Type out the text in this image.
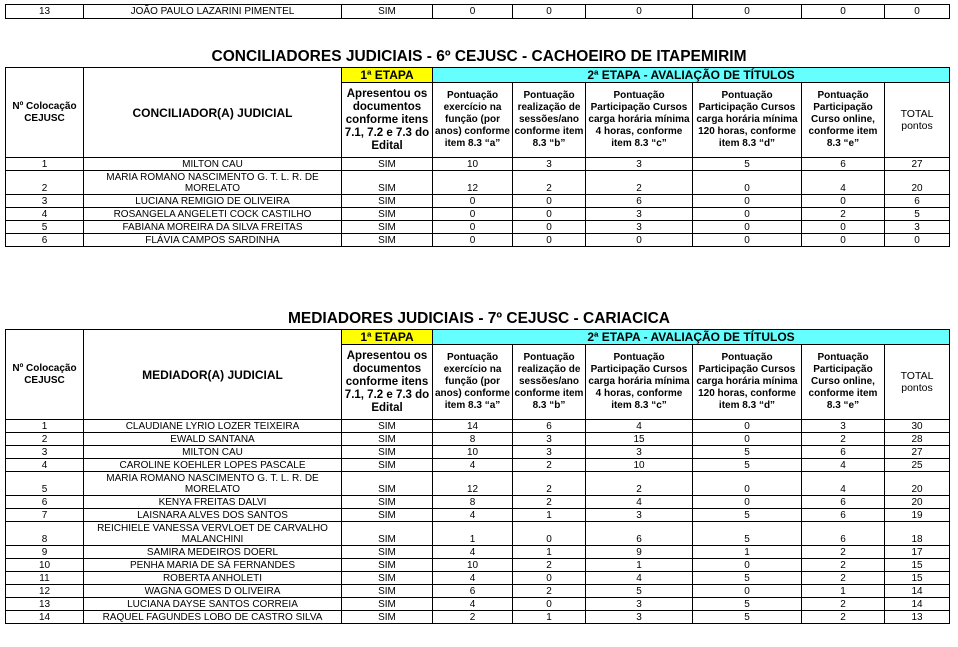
13	JOÃO PAULO LAZARINI PIMENTEL	SIM	0	0	0	0	0	0
CONCILIADORES JUDICIAIS - 6º CEJUSC - CACHOEIRO DE ITAPEMIRIM
Nº Colocação CEJUSC	CONCILIADOR(A) JUDICIAL	1ª ETAPA	2ª ETAPA - AVALIAÇÃO DE TÍTULOS					
		Apresentou os documentos conforme itens 7.1, 7.2 e 7.3 do Edital	Pontuação exercício na função (por anos) conforme item 8.3 “a”	Pontuação realização de sessões/ano conforme item 8.3 “b”	Pontuação Participação Cursos carga horária mínima 4 horas, conforme item 8.3 “c”	Pontuação Participação Cursos carga horária mínima 120 horas, conforme item 8.3 “d”	Pontuação Participação Curso online, conforme item 8.3 “e”	TOTAL pontos
1	MILTON CAU	SIM	10	3	3	5	6	27
2	MARIA ROMANO NASCIMENTO G. T. L. R. DE MORELATO	SIM	12	2	2	0	4	20
3	LUCIANA REMIGIO DE OLIVEIRA	SIM	0	0	6	0	0	6
4	ROSANGELA ANGELETI COCK CASTILHO	SIM	0	0	3	0	2	5
5	FABIANA MOREIRA DA SILVA FREITAS	SIM	0	0	3	0	0	3
6	FLÁVIA CAMPOS SARDINHA	SIM	0	0	0	0	0	0
MEDIADORES JUDICIAIS - 7º CEJUSC - CARIACICA
Nº Colocação CEJUSC	MEDIADOR(A) JUDICIAL	1ª ETAPA	2ª ETAPA - AVALIAÇÃO DE TÍTULOS					
		Apresentou os documentos conforme itens 7.1, 7.2 e 7.3 do Edital	Pontuação exercício na função (por anos) conforme item 8.3 “a”	Pontuação realização de sessões/ano conforme item 8.3 “b”	Pontuação Participação Cursos carga horária mínima 4 horas, conforme item 8.3 “c”	Pontuação Participação Cursos carga horária mínima 120 horas, conforme item 8.3 “d”	Pontuação Participação Curso online, conforme item 8.3 “e”	TOTAL pontos
1	CLAUDIANE LYRIO LOZER TEIXEIRA	SIM	14	6	4	0	3	30
2	EWALD SANTANA	SIM	8	3	15	0	2	28
3	MILTON CAU	SIM	10	3	3	5	6	27
4	CAROLINE KOEHLER LOPES PASCALE	SIM	4	2	10	5	4	25
5	MARIA ROMANO NASCIMENTO G. T. L. R. DE MORELATO	SIM	12	2	2	0	4	20
6	KENYA FREITAS DALVI	SIM	8	2	4	0	6	20
7	LAISNARA ALVES DOS SANTOS	SIM	4	1	3	5	6	19
8	REICHIELE VANESSA VERVLOET DE CARVALHO MALANCHINI	SIM	1	0	6	5	6	18
9	SAMIRA MEDEIROS DOERL	SIM	4	1	9	1	2	17
10	PENHA MARIA DE SÁ FERNANDES	SIM	10	2	1	0	2	15
11	ROBERTA ANHOLETI	SIM	4	0	4	5	2	15
12	WAGNA GOMES D OLIVEIRA	SIM	6	2	5	0	1	14
13	LUCIANA DAYSE SANTOS CORREIA	SIM	4	0	3	5	2	14
14	RAQUEL FAGUNDES LOBO DE CASTRO SILVA	SIM	2	1	3	5	2	13
